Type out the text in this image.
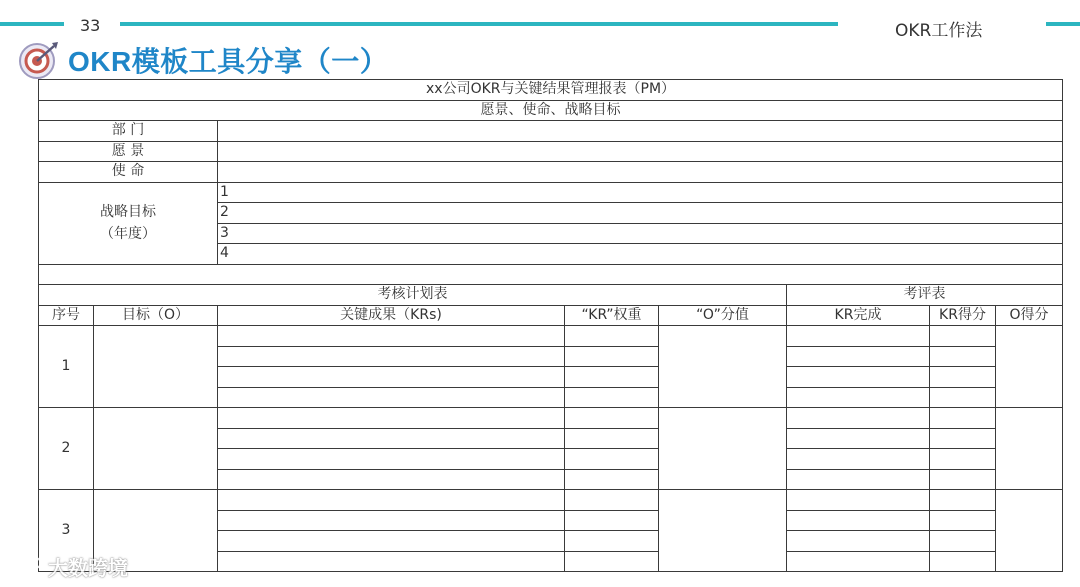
33	OKR工作法
OKR模板工具分享（一）
xx公司OKR与关键结果管理报表（PM）							
愿景、使命、战略目标							
部 门							
愿 景							
使 命							

战略目标
（年度）		1					
		2					
		3					
		4					

考核计划表					考评表		
序号	目标（O）	关键成果（KRs)	“KR”权重	“O”分值	KR完成	KR得分	O得分
1							

2							

3							

大数跨境
